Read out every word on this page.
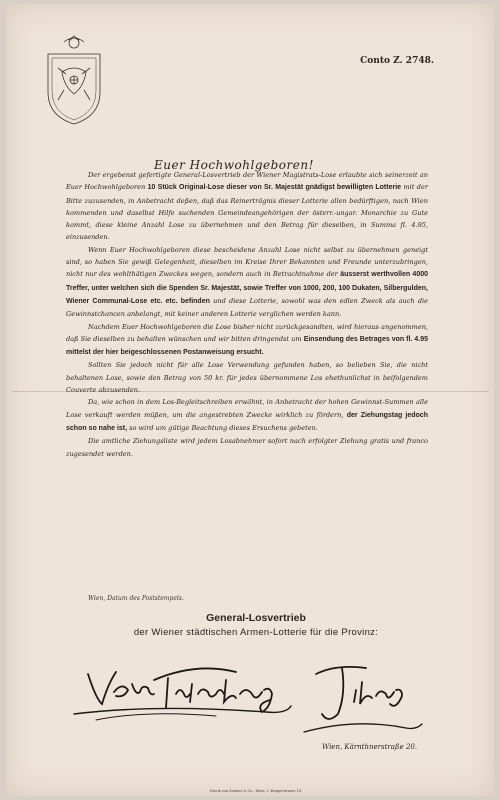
Conto Z. 2748.
Euer Hochwohlgeboren!

Der ergebenst gefertigte General-Losvertrieb der Wiener Magistrats-Lose erlaubte sich seinerzeit an Euer Hochwohlgeboren 10 Stück Original-Lose dieser von Sr. Majestät gnädigst bewilligten Lotterie mit der Bitte zuzusenden, in Anbetracht deßen, daß das Reinerträgnis dieser Lotterie allen bedürftigen, nach Wien kommenden und daselbst Hilfe suchenden Gemeindeangehörigen der österr.-ungar. Monarchie zu Gute kommt, diese kleine Anzahl Lose zu übernehmen und den Betrag für dieselben, in Summa fl. 4.95, einzusenden.

Wenn Euer Hochwohlgeboren diese bescheidene Anzahl Lose nicht selbst zu übernehmen geneigt sind, so haben Sie gewiß Gelegenheit, dieselben im Kreise Ihrer Bekannten und Freunde unterzubringen, nicht nur des wohlthätigen Zweckes wegen, sondern auch in Betrachtnahme der äusserst werthvollen 4000 Treffer, unter welchen sich die Spenden Sr. Majestät, sowie Treffer von 1000, 200, 100 Dukaten, Silbergulden, Wiener Communal-Lose etc. etc. befinden und diese Lotterie, sowohl was den edlen Zweck als auch die Gewinnstchancen anbelangt, mit keiner anderen Lotterie verglichen werden kann.

Nachdem Euer Hochwohlgeboren die Lose bisher nicht zurückgesandten, wird hieraus angenommen, daß Sie dieselben zu behalten wünschen und wir bitten dringendst um Einsendung des Betrages von fl. 4.95 mittelst der hier beigeschlossenen Postanweisung ersucht.

Sollten Sie jedoch nicht für alle Lose Verwendung gefunden haben, so belieben Sie, die nicht behaltenen Lose, sowie den Betrag von 50 kr. für jedes übernommene Los ehethunlichst in beifolgendem Couverte abzusenden.

Da, wie schon in dem Los-Begleitschreiben erwähnt, in Anbetracht der hohen Gewinnst-Summen alle Lose verkauft werden müßen, um die angestrebten Zwecke wirklich zu fördern, der Ziehungstag jedoch schon so nahe ist, so wird um gütige Beachtung dieses Ersuchens gebeten.

Die amtliche Ziehungsliste wird jedem Losabnehmer sofort nach erfolgter Ziehung gratis und franco zugesendet werden.

Wien, Datum des Poststempels.
General-Losvertrieb
der Wiener städtischen Armen-Lotterie für die Provinz:
Wien, Kärnthnerstraße 20.
Druck von Steiner & Co., Wien, I. Krugerstrasse 16.
